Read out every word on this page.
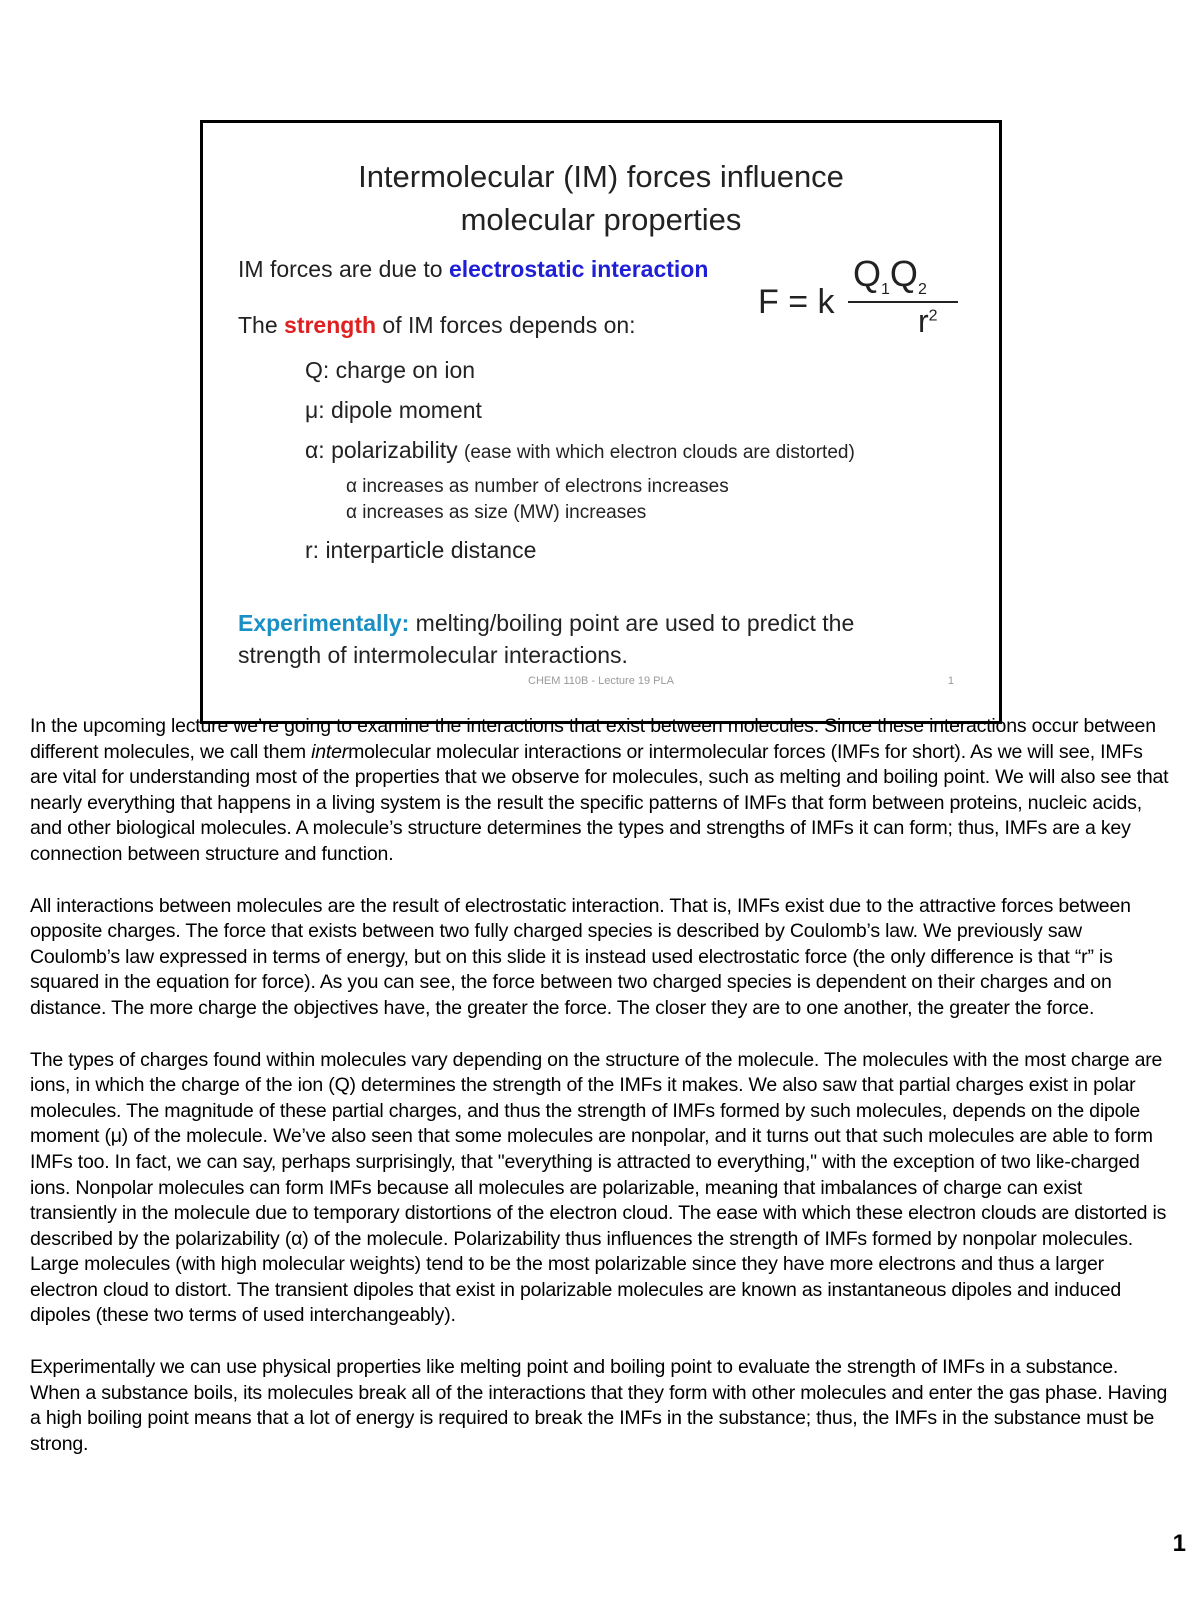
Intermolecular (IM) forces influence
molecular properties
IM forces are due to electrostatic interaction
The strength of IM forces depends on:
F = k
$Q_1Q_2$
$r^2$
Q: charge on ion
μ: dipole moment
α: polarizability (ease with which electron clouds are distorted)
α increases as number of electrons increases
α increases as size (MW) increases
r: interparticle distance
Experimentally: melting/boiling point are used to predict the
strength of intermolecular interactions.
CHEM 110B - Lecture 19 PLA	1

In the upcoming lecture we’re going to examine the interactions that exist between molecules. Since these interactions occur between different molecules, we call them intermolecular molecular interactions or intermolecular forces (IMFs for short). As we will see, IMFs are vital for understanding most of the properties that we observe for molecules, such as melting and boiling point. We will also see that nearly everything that happens in a living system is the result the specific patterns of IMFs that form between proteins, nucleic acids, and other biological molecules. A molecule’s structure determines the types and strengths of IMFs it can form; thus, IMFs are a key connection between structure and function.

All interactions between molecules are the result of electrostatic interaction. That is, IMFs exist due to the attractive forces between opposite charges. The force that exists between two fully charged species is described by Coulomb’s law. We previously saw Coulomb’s law expressed in terms of energy, but on this slide it is instead used electrostatic force (the only difference is that “r” is squared in the equation for force). As you can see, the force between two charged species is dependent on their charges and on distance. The more charge the objectives have, the greater the force. The closer they are to one another, the greater the force.

The types of charges found within molecules vary depending on the structure of the molecule. The molecules with the most charge are ions, in which the charge of the ion (Q) determines the strength of the IMFs it makes. We also saw that partial charges exist in polar molecules. The magnitude of these partial charges, and thus the strength of IMFs formed by such molecules, depends on the dipole moment (μ) of the molecule. We’ve also seen that some molecules are nonpolar, and it turns out that such molecules are able to form IMFs too. In fact, we can say, perhaps surprisingly, that "everything is attracted to everything," with the exception of two like-charged ions. Nonpolar molecules can form IMFs because all molecules are polarizable, meaning that imbalances of charge can exist transiently in the molecule due to temporary distortions of the electron cloud. The ease with which these electron clouds are distorted is described by the polarizability (α) of the molecule. Polarizability thus influences the strength of IMFs formed by nonpolar molecules. Large molecules (with high molecular weights) tend to be the most polarizable since they have more electrons and thus a larger electron cloud to distort. The transient dipoles that exist in polarizable molecules are known as instantaneous dipoles and induced dipoles (these two terms of used interchangeably).

Experimentally we can use physical properties like melting point and boiling point to evaluate the strength of IMFs in a substance. When a substance boils, its molecules break all of the interactions that they form with other molecules and enter the gas phase. Having a high boiling point means that a lot of energy is required to break the IMFs in the substance; thus, the IMFs in the substance must be strong.

1
